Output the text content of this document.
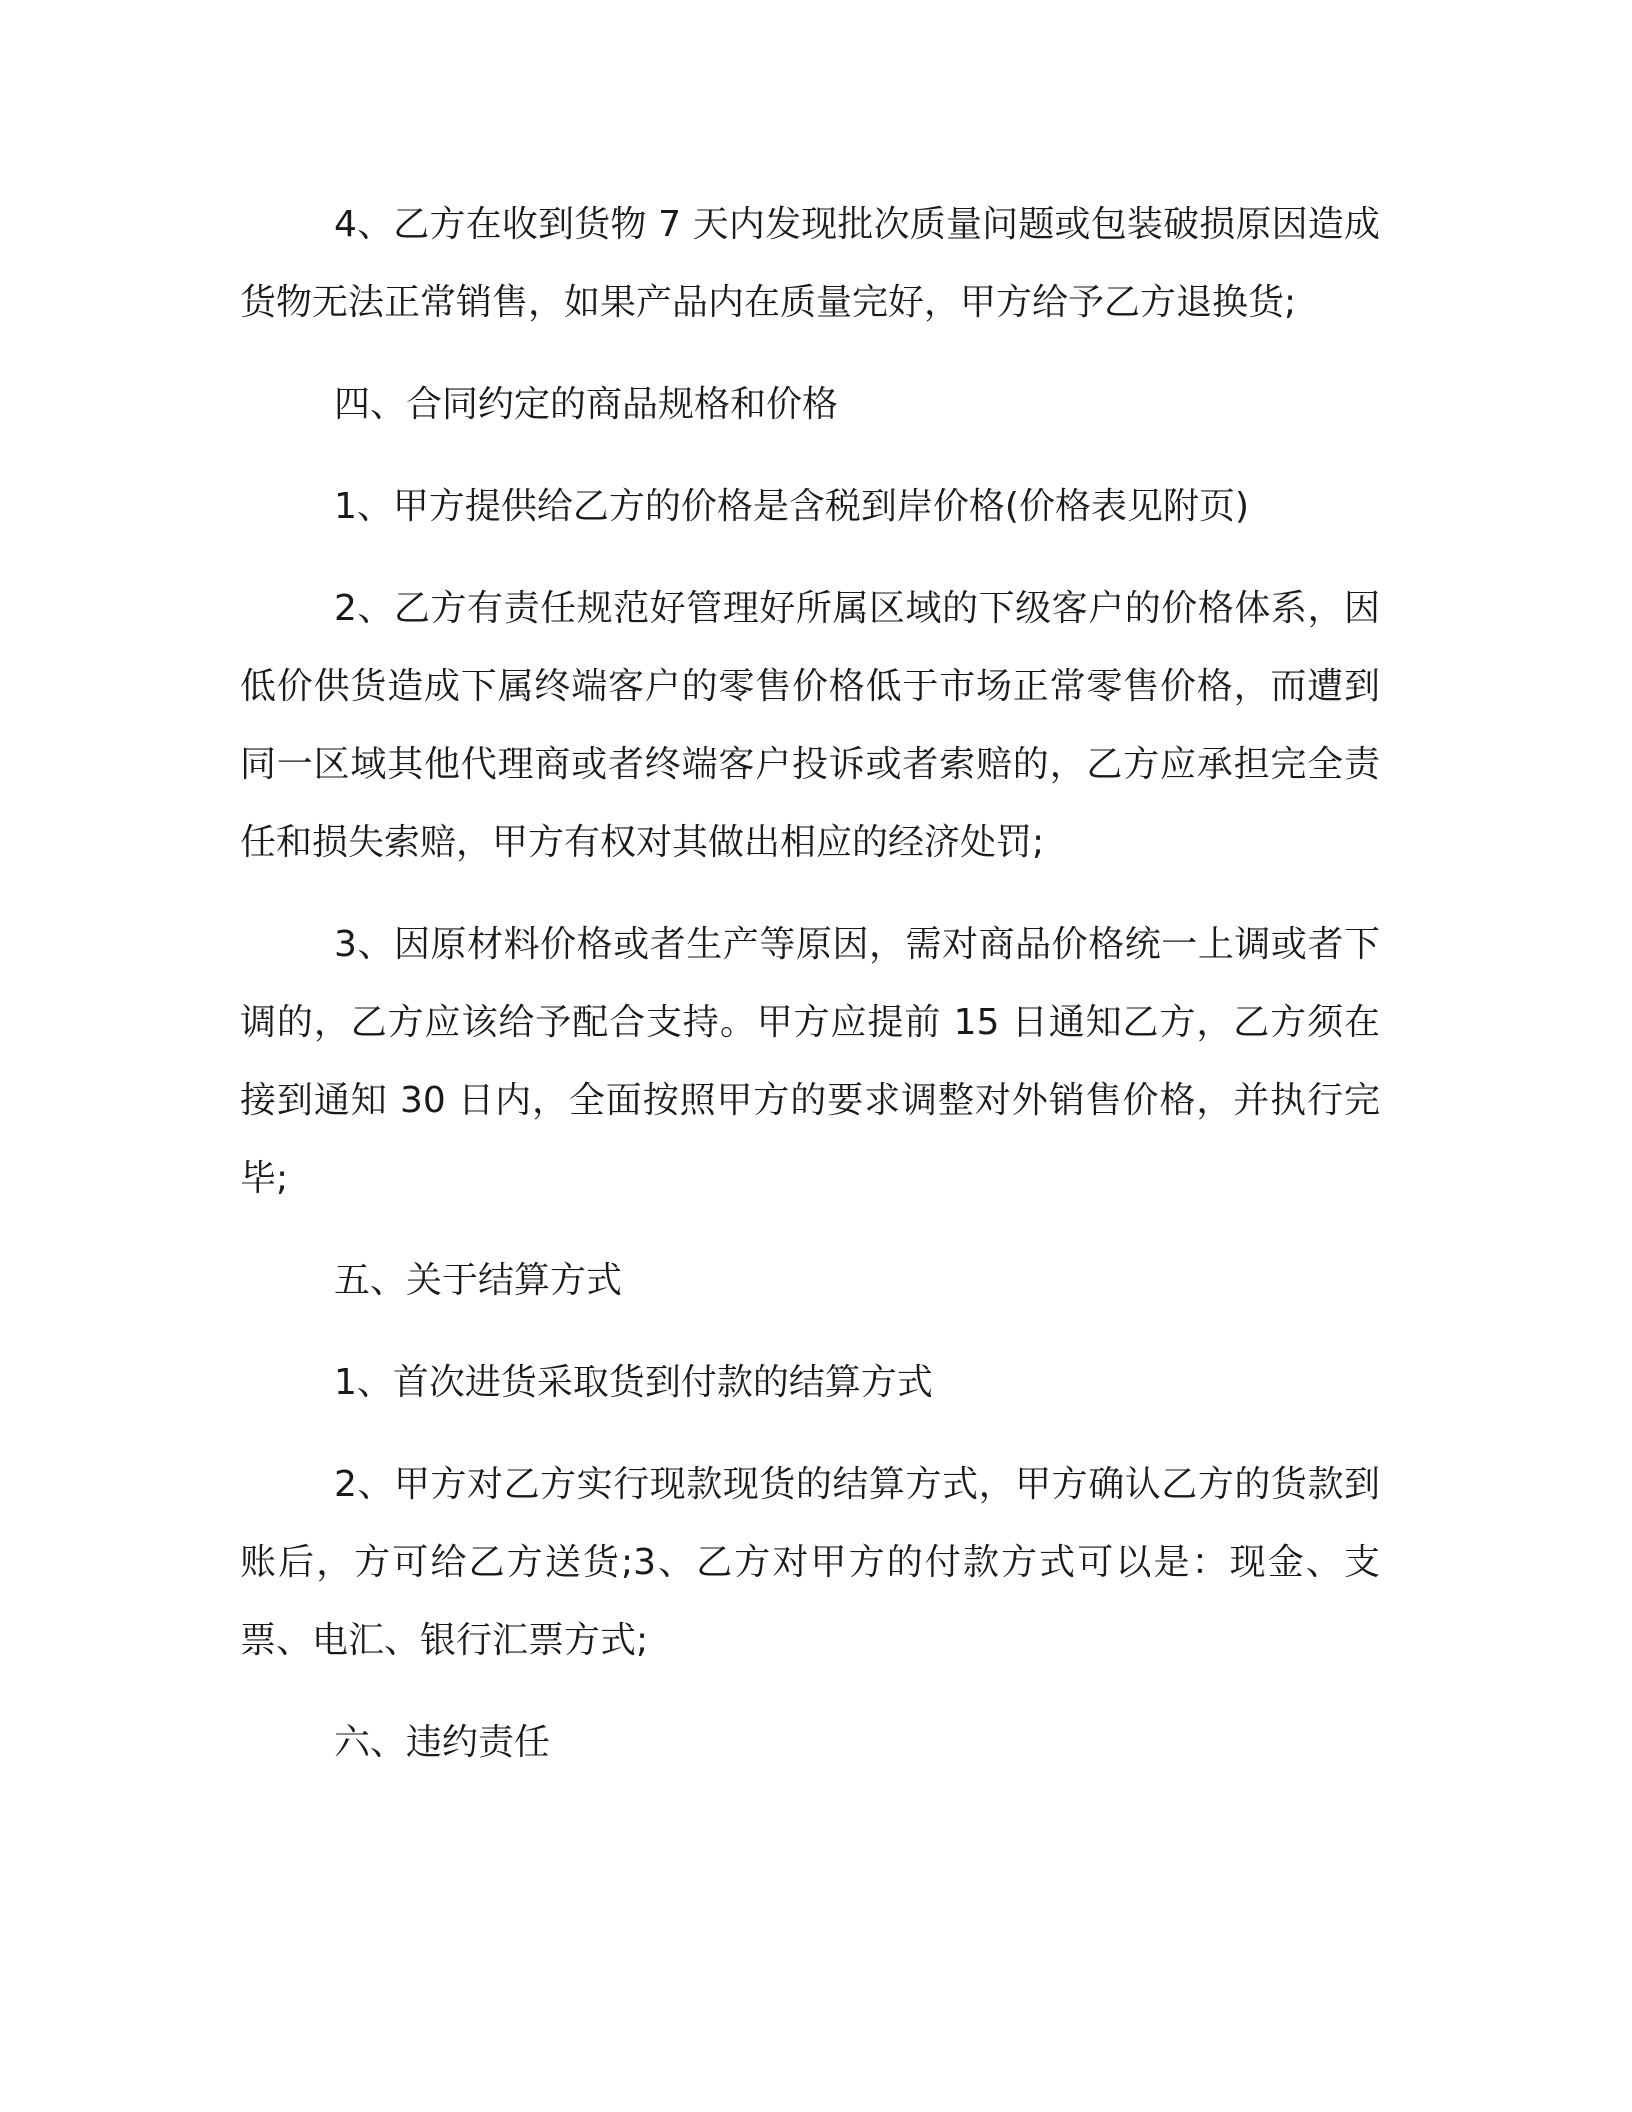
4、乙方在收到货物 7 天内发现批次质量问题或包装破损原因造成货物无法正常销售，如果产品内在质量完好，甲方给予乙方退换货;

四、合同约定的商品规格和价格

1、甲方提供给乙方的价格是含税到岸价格(价格表见附页)

2、乙方有责任规范好管理好所属区域的下级客户的价格体系，因低价供货造成下属终端客户的零售价格低于市场正常零售价格，而遭到同一区域其他代理商或者终端客户投诉或者索赔的，乙方应承担完全责任和损失索赔，甲方有权对其做出相应的经济处罚;

3、因原材料价格或者生产等原因，需对商品价格统一上调或者下调的，乙方应该给予配合支持。甲方应提前 15 日通知乙方，乙方须在接到通知 30 日内，全面按照甲方的要求调整对外销售价格，并执行完毕;

五、关于结算方式

1、首次进货采取货到付款的结算方式

2、甲方对乙方实行现款现货的结算方式，甲方确认乙方的货款到账后，方可给乙方送货;3、乙方对甲方的付款方式可以是：现金、支票、电汇、银行汇票方式;

六、违约责任
